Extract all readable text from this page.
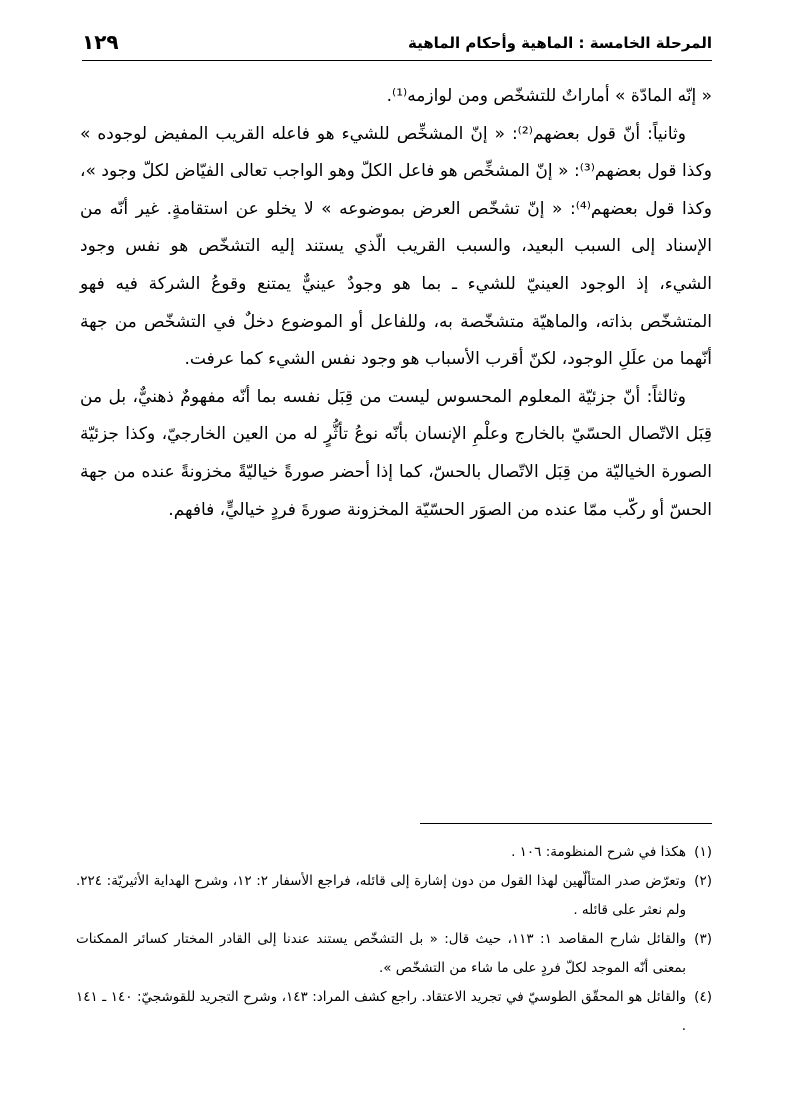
المرحلة الخامسة : الماهية وأحكام الماهية
١٢٩

« إنّه المادّة » أماراتٌ للتشخّص ومن لوازمه⁽¹⁾.

وثانياً: أنّ قول بعضهم⁽²⁾: « إنّ المشخِّص للشيء هو فاعله القريب المفيض لوجوده » وكذا قول بعضهم⁽³⁾: « إنّ المشخِّص هو فاعل الكلّ وهو الواجب تعالى الفيّاض لكلّ وجود »، وكذا قول بعضهم⁽⁴⁾: « إنّ تشخّص العرض بموضوعه » لا يخلو عن استقامةٍ. غير أنّه من الإسناد إلى السبب البعيد، والسبب القريب الّذي يستند إليه التشخّص هو نفس وجود الشيء، إذ الوجود العينيّ للشيء ـ بما هو وجودٌ عينيٌّ يمتنع وقوعُ الشركة فيه فهو المتشخّص بذاته، والماهيّة متشخّصة به، وللفاعل أو الموضوع دخلٌ في التشخّص من جهة أنّهما من علَلِ الوجود، لكنّ أقرب الأسباب هو وجود نفس الشيء كما عرفت.

وثالثاً: أنّ جزئيّة المعلوم المحسوس ليست من قِبَل نفسه بما أنّه مفهومٌ ذهنيٌّ، بل من قِبَل الاتّصال الحسّيّ بالخارج وعلْمِ الإنسان بأنّه نوعُ تأثُّرٍ له من العين الخارجيّ، وكذا جزئيّة الصورة الخياليّة من قِبَل الاتّصال بالحسّ، كما إذا أحضر صورةً خياليّةً مخزونةً عنده من جهة الحسّ أو ركّب ممّا عنده من الصوَر الحسّيّة المخزونة صورةَ فردٍ خياليٍّ، فافهم.

(١)
هكذا في شرح المنظومة: ١٠٦ .

(٢)
وتعرّض صدر المتألّهين لهذا القول من دون إشارة إلى قائله، فراجع الأسفار ٢: ١٢، وشرح الهداية الأثيريّة: ٢٢٤. ولم نعثر على قائله .

(٣)
والقائل شارح المقاصد ١: ١١٣، حيث قال: « بل التشخّص يستند عندنا إلى القادر المختار كسائر الممكنات بمعنى أنّه الموجد لكلّ فردٍ على ما شاء من التشخّص ».

(٤)
والقائل هو المحقّق الطوسيّ في تجريد الاعتقاد. راجع كشف المراد: ١٤٣، وشرح التجريد للقوشجيّ: ١٤٠ ـ ١٤١ .
